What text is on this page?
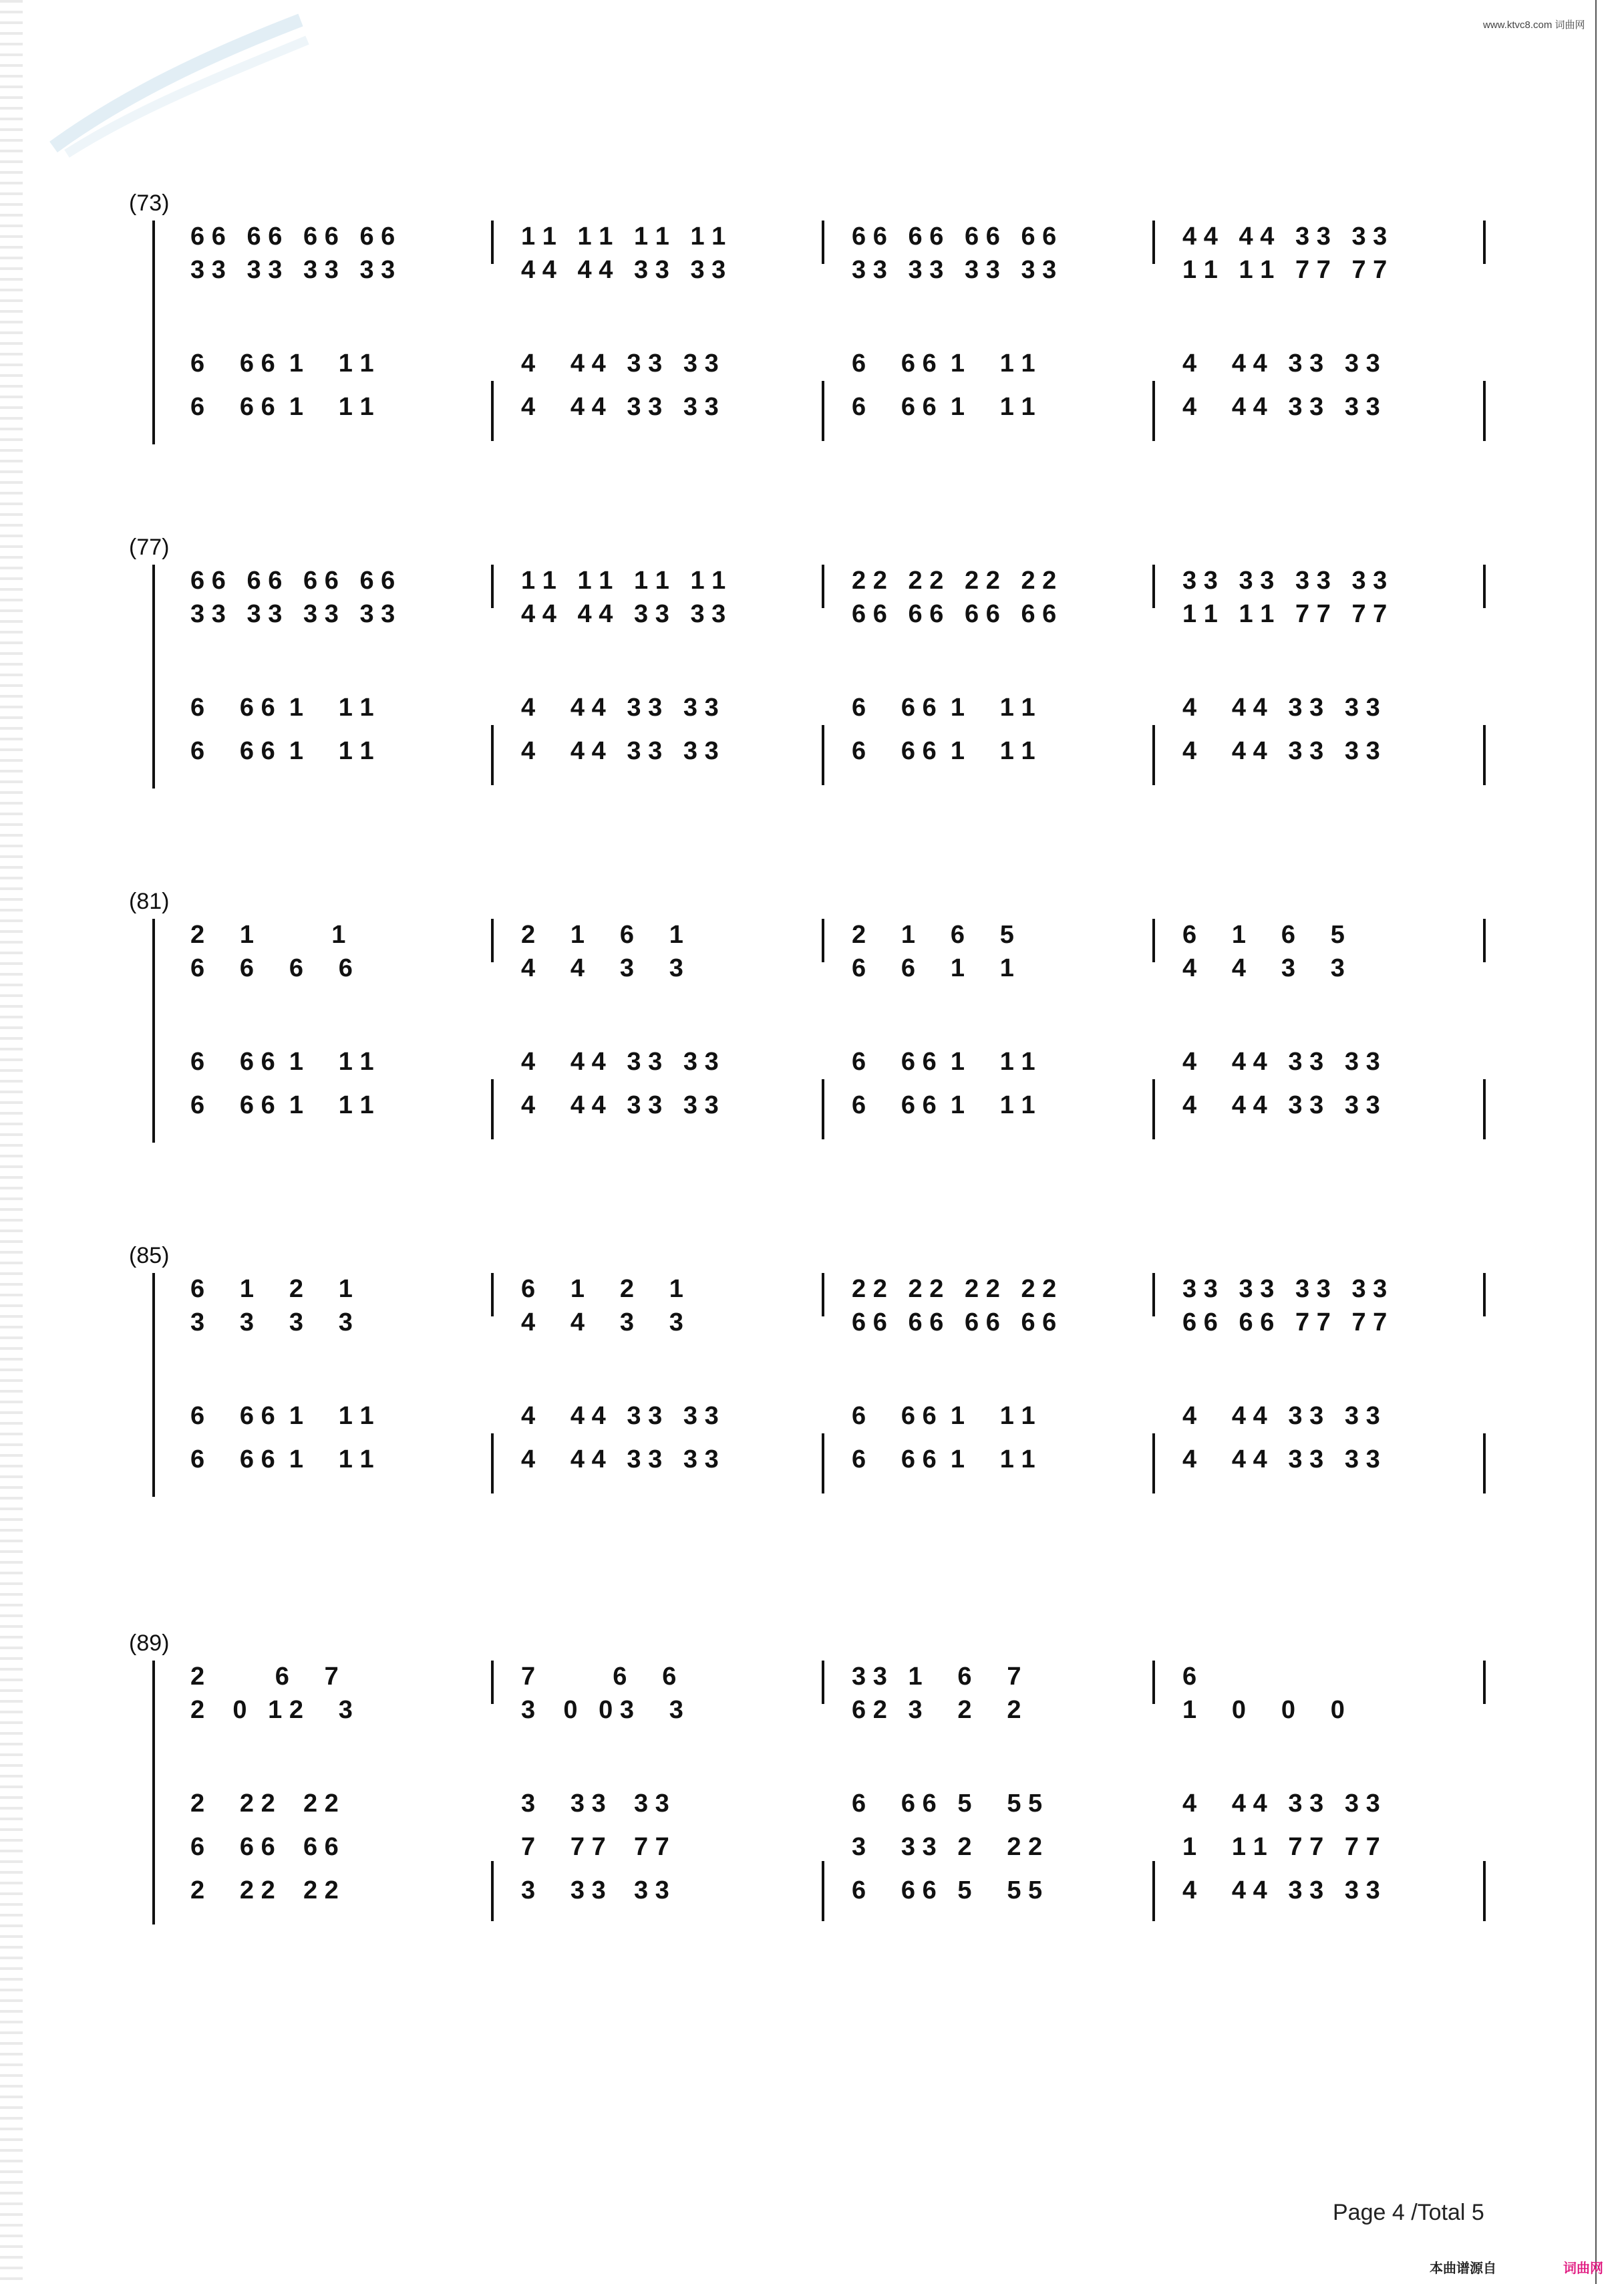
www.ktvc8.com 词曲网
(73)
6 6   6 6   6 6   6 6	1 1   1 1   1 1   1 1	6 6   6 6   6 6   6 6	4 4   4 4   3 3   3 3
3 3   3 3   3 3   3 3	4 4   4 4   3 3   3 3	3 3   3 3   3 3   3 3	1 1   1 1   7 7   7 7
6     6 6  1     1 1	4     4 4   3 3   3 3	6     6 6  1     1 1	4     4 4   3 3   3 3
6     6 6  1     1 1	4     4 4   3 3   3 3	6     6 6  1     1 1	4     4 4   3 3   3 3
(77)
6 6   6 6   6 6   6 6	1 1   1 1   1 1   1 1	2 2   2 2   2 2   2 2	3 3   3 3   3 3   3 3
3 3   3 3   3 3   3 3	4 4   4 4   3 3   3 3	6 6   6 6   6 6   6 6	1 1   1 1   7 7   7 7
6     6 6  1     1 1	4     4 4   3 3   3 3	6     6 6  1     1 1	4     4 4   3 3   3 3
6     6 6  1     1 1	4     4 4   3 3   3 3	6     6 6  1     1 1	4     4 4   3 3   3 3
(81)
2     1           1	2     1     6     1	2     1     6     5	6     1     6     5
6     6     6     6	4     4     3     3	6     6     1     1	4     4     3     3
6     6 6  1     1 1	4     4 4   3 3   3 3	6     6 6  1     1 1	4     4 4   3 3   3 3
6     6 6  1     1 1	4     4 4   3 3   3 3	6     6 6  1     1 1	4     4 4   3 3   3 3
(85)
6     1     2     1	6     1     2     1	2 2   2 2   2 2   2 2	3 3   3 3   3 3   3 3
3     3     3     3	4     4     3     3	6 6   6 6   6 6   6 6	6 6   6 6   7 7   7 7
6     6 6  1     1 1	4     4 4   3 3   3 3	6     6 6  1     1 1	4     4 4   3 3   3 3
6     6 6  1     1 1	4     4 4   3 3   3 3	6     6 6  1     1 1	4     4 4   3 3   3 3
(89)
2          6     7	7           6     6	3 3   1     6     7	6
2    0   1 2     3	3    0   0 3     3	6 2   3     2     2	1     0     0     0
2     2 2    2 2	3     3 3    3 3	6     6 6   5     5 5	4     4 4   3 3   3 3
6     6 6    6 6	7     7 7    7 7	3     3 3   2     2 2	1     1 1   7 7   7 7
2     2 2    2 2	3     3 3    3 3	6     6 6   5     5 5	4     4 4   3 3   3 3
Page 4 /Total 5
本曲谱源自	词曲网
